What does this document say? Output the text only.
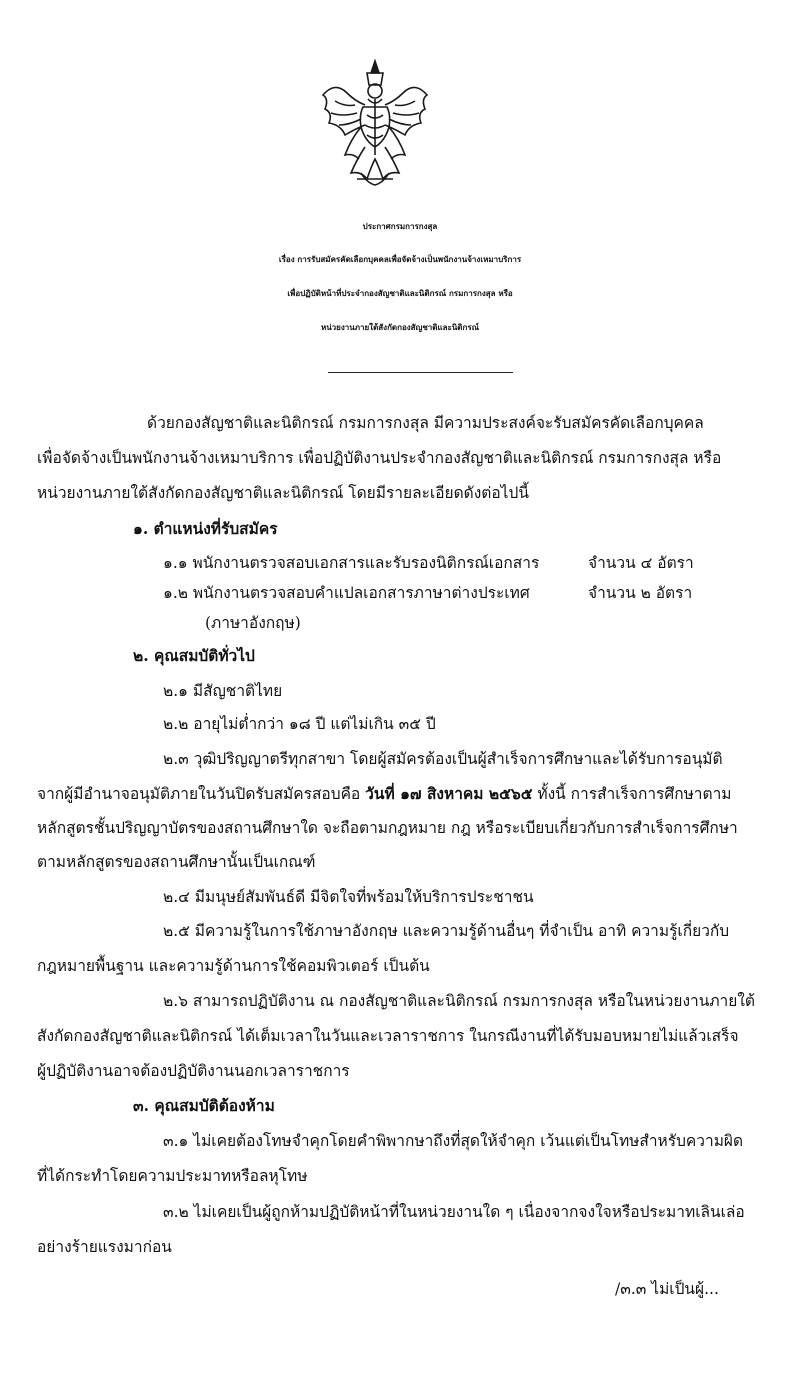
ประกาศกรมการกงสุล
เรื่อง การรับสมัครคัดเลือกบุคคลเพื่อจัดจ้างเป็นพนักงานจ้างเหมาบริการ
เพื่อปฏิบัติหน้าที่ประจำกองสัญชาติและนิติกรณ์ กรมการกงสุล หรือ
หน่วยงานภายใต้สังกัดกองสัญชาติและนิติกรณ์
ด้วยกองสัญชาติและนิติกรณ์ กรมการกงสุล มีความประสงค์จะรับสมัครคัดเลือกบุคคล
เพื่อจัดจ้างเป็นพนักงานจ้างเหมาบริการ เพื่อปฏิบัติงานประจำกองสัญชาติและนิติกรณ์ กรมการกงสุล หรือ
หน่วยงานภายใต้สังกัดกองสัญชาติและนิติกรณ์ โดยมีรายละเอียดดังต่อไปนี้
๑. ตำแหน่งที่รับสมัคร
๑.๑ พนักงานตรวจสอบเอกสารและรับรองนิติกรณ์เอกสาร	จำนวน ๔ อัตรา
๑.๒ พนักงานตรวจสอบคำแปลเอกสารภาษาต่างประเทศ	จำนวน ๒ อัตรา
(ภาษาอังกฤษ)
๒. คุณสมบัติทั่วไป
๒.๑ มีสัญชาติไทย
๒.๒ อายุไม่ต่ำกว่า ๑๘ ปี แต่ไม่เกิน ๓๕ ปี
๒.๓ วุฒิปริญญาตรีทุกสาขา โดยผู้สมัครต้องเป็นผู้สำเร็จการศึกษาและได้รับการอนุมัติ
จากผู้มีอำนาจอนุมัติภายในวันปิดรับสมัครสอบคือ วันที่ ๑๗ สิงหาคม ๒๕๖๕ ทั้งนี้ การสำเร็จการศึกษาตาม
หลักสูตรชั้นปริญญาบัตรของสถานศึกษาใด จะถือตามกฎหมาย กฎ หรือระเบียบเกี่ยวกับการสำเร็จการศึกษา
ตามหลักสูตรของสถานศึกษานั้นเป็นเกณฑ์
๒.๔ มีมนุษย์สัมพันธ์ดี มีจิตใจที่พร้อมให้บริการประชาชน
๒.๕ มีความรู้ในการใช้ภาษาอังกฤษ และความรู้ด้านอื่นๆ ที่จำเป็น อาทิ ความรู้เกี่ยวกับ
กฎหมายพื้นฐาน และความรู้ด้านการใช้คอมพิวเตอร์ เป็นต้น
๒.๖ สามารถปฏิบัติงาน ณ กองสัญชาติและนิติกรณ์ กรมการกงสุล หรือในหน่วยงานภายใต้
สังกัดกองสัญชาติและนิติกรณ์ ได้เต็มเวลาในวันและเวลาราชการ ในกรณีงานที่ได้รับมอบหมายไม่แล้วเสร็จ
ผู้ปฏิบัติงานอาจต้องปฏิบัติงานนอกเวลาราชการ
๓. คุณสมบัติต้องห้าม
๓.๑ ไม่เคยต้องโทษจำคุกโดยคำพิพากษาถึงที่สุดให้จำคุก เว้นแต่เป็นโทษสำหรับความผิด
ที่ได้กระทำโดยความประมาทหรือลหุโทษ
๓.๒ ไม่เคยเป็นผู้ถูกห้ามปฏิบัติหน้าที่ในหน่วยงานใด ๆ เนื่องจากจงใจหรือประมาทเลินเล่อ
อย่างร้ายแรงมาก่อน
/๓.๓ ไม่เป็นผู้...
